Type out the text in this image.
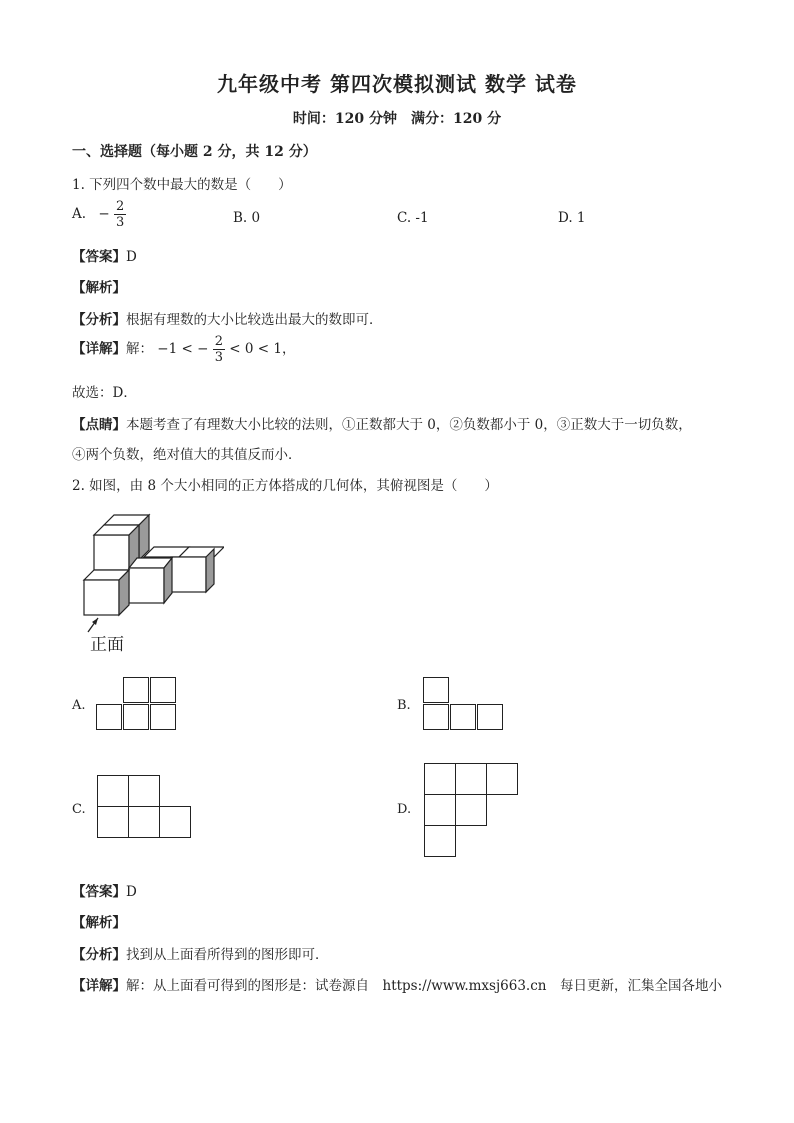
九年级中考 第四次模拟测试 数学 试卷
时间：120 分钟　满分：120 分
一、选择题（每小题 2 分，共 12 分）
1. 下列四个数中最大的数是（　　）
A. − $\frac{2}{3}$	B. 0	C. -1	D. 1
【答案】D
【解析】
【分析】根据有理数的大小比较选出最大的数即可．
【详解】解： −1 < − $\frac{2}{3} < 0 < 1$，
故选：D．
【点睛】本题考查了有理数大小比较的法则，①正数都大于 0，②负数都小于 0，③正数大于一切负数，
④两个负数，绝对值大的其值反而小．
2. 如图，由 8 个大小相同的正方体搭成的几何体，其俯视图是（　　）
正面
A.	B.
C.	D.
【答案】D
【解析】
【分析】找到从上面看所得到的图形即可．
【详解】解：从上面看可得到的图形是：试卷源自　https://www.mxsj663.cn　每日更新，汇集全国各地小
